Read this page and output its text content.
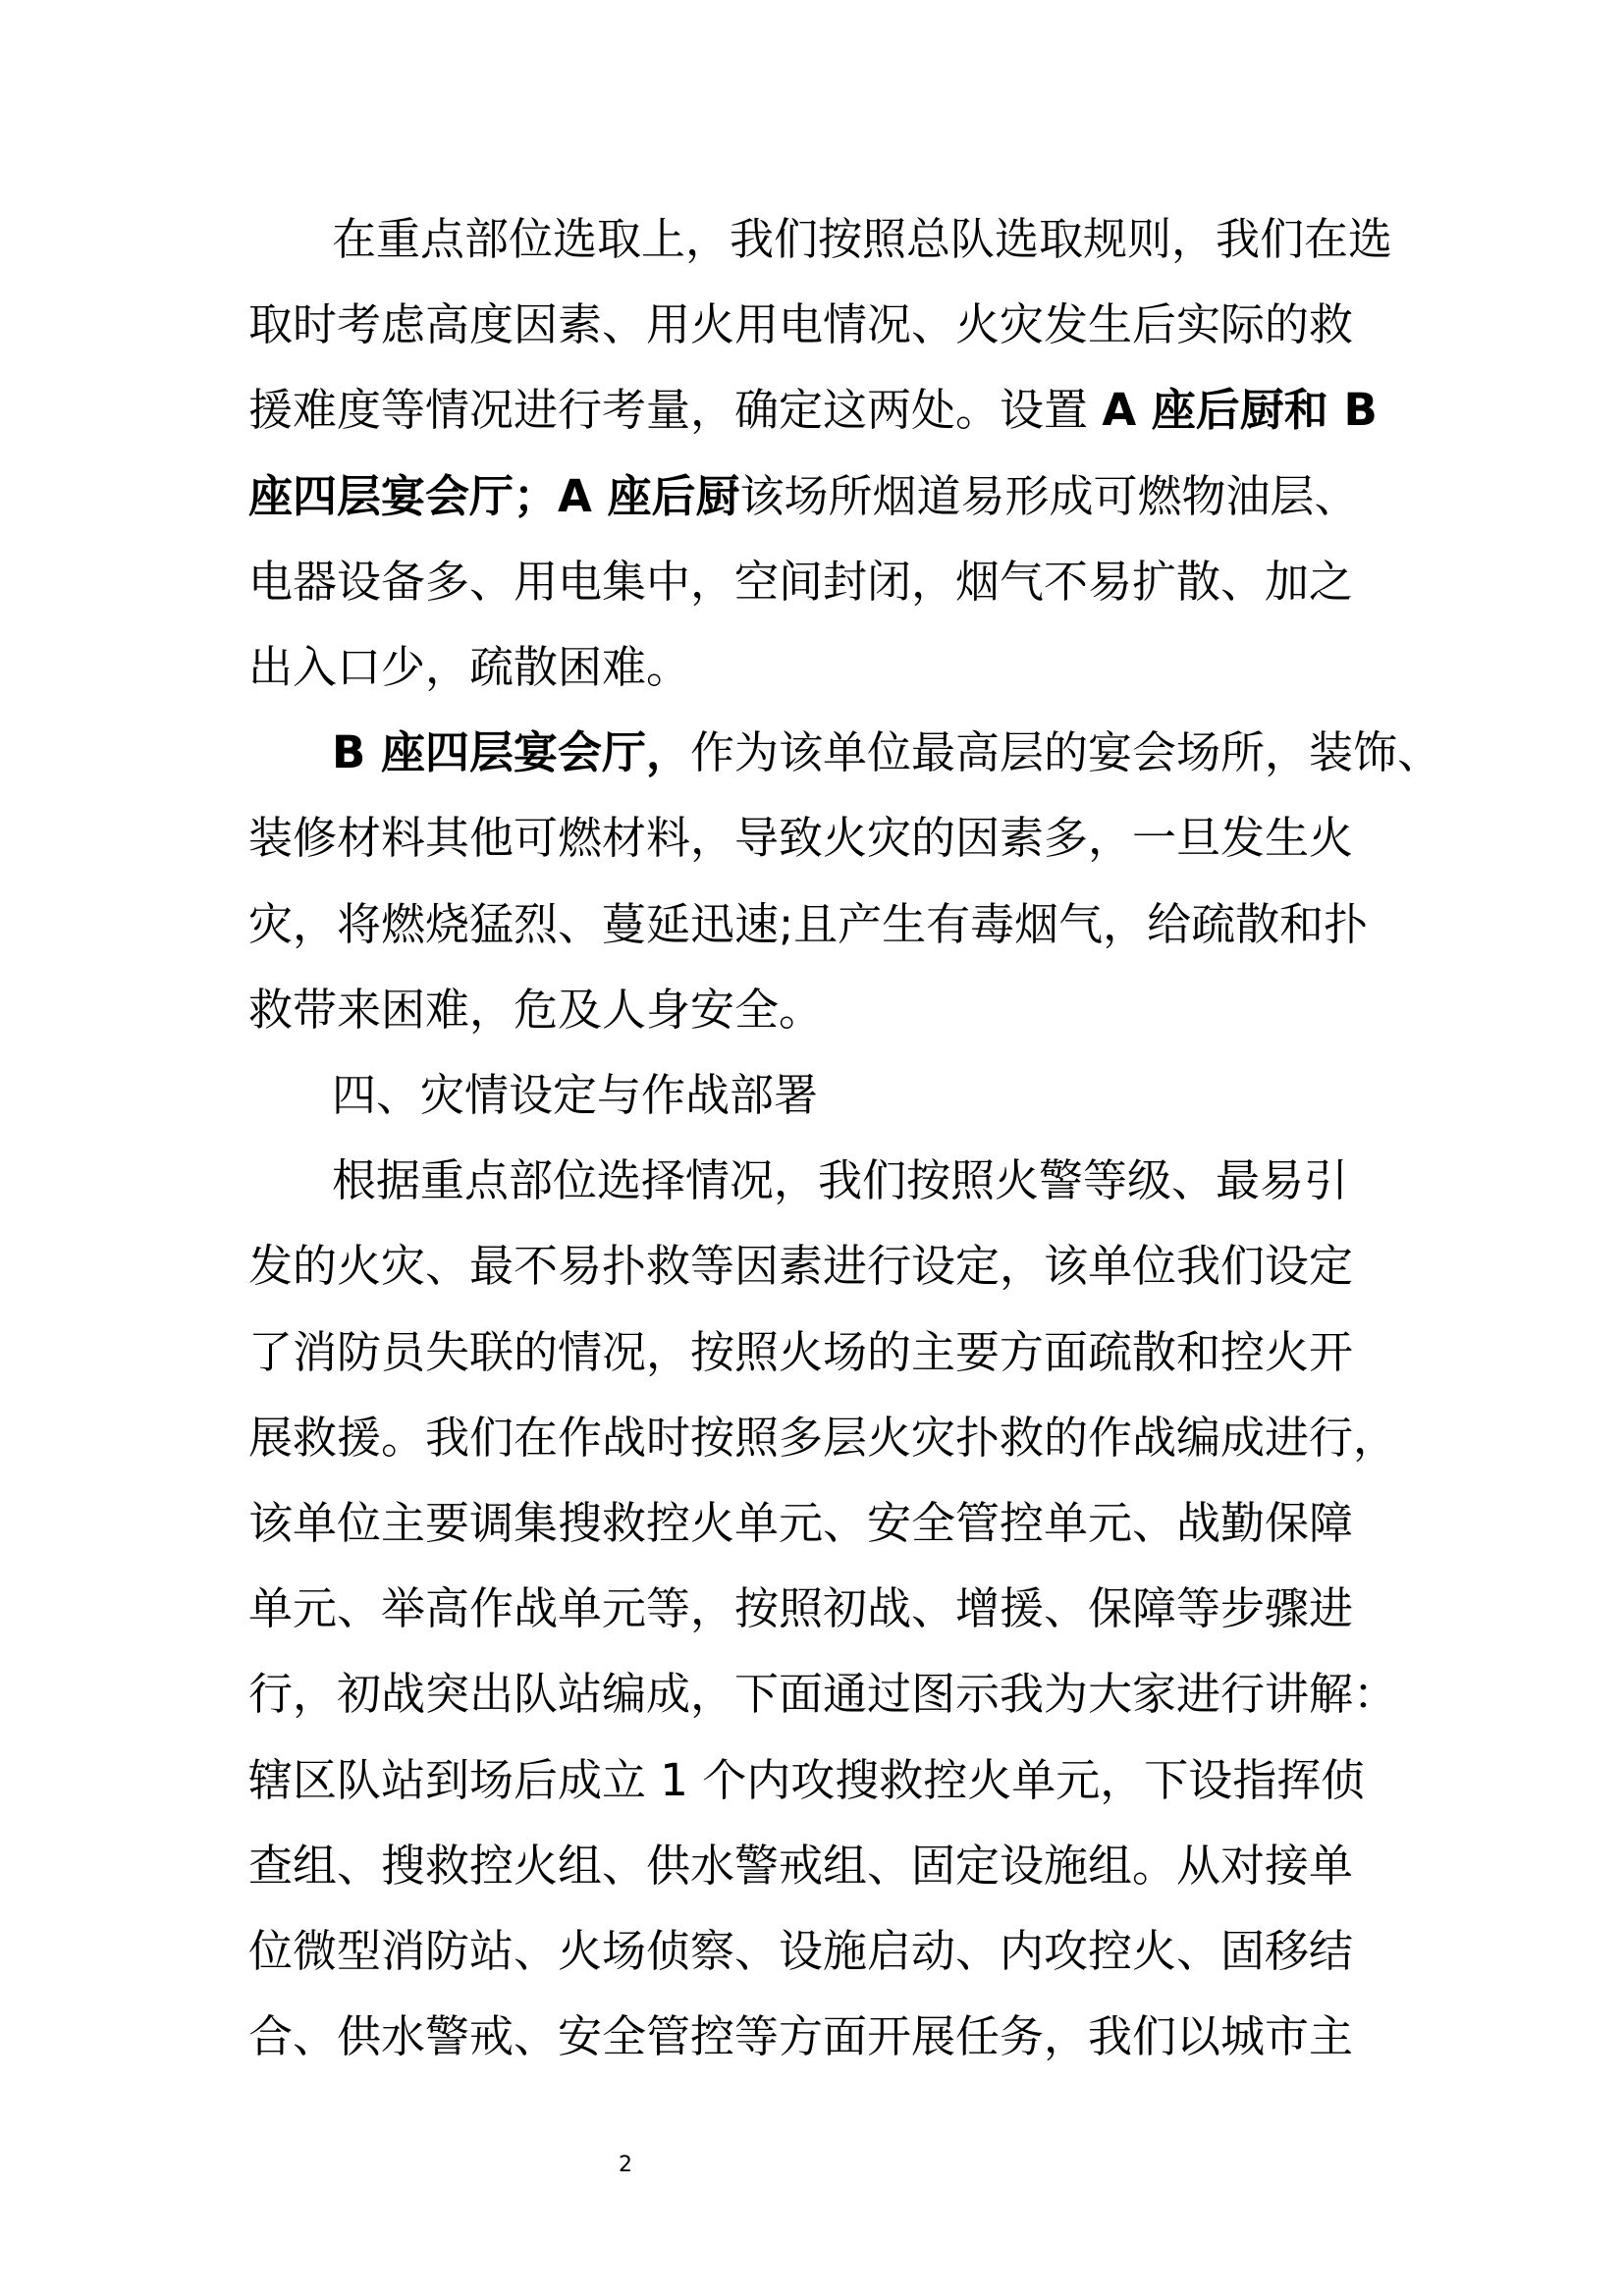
在重点部位选取上，我们按照总队选取规则，我们在选
取时考虑高度因素、用火用电情况、火灾发生后实际的救
援难度等情况进行考量，确定这两处。设置 A 座后厨和 B
座四层宴会厅；A 座后厨该场所烟道易形成可燃物油层、
电器设备多、用电集中，空间封闭，烟气不易扩散、加之
出入口少，疏散困难。
B 座四层宴会厅，作为该单位最高层的宴会场所，装饰、
装修材料其他可燃材料，导致火灾的因素多，一旦发生火
灾，将燃烧猛烈、蔓延迅速;且产生有毒烟气，给疏散和扑
救带来困难，危及人身安全。
四、灾情设定与作战部署
根据重点部位选择情况，我们按照火警等级、最易引
发的火灾、最不易扑救等因素进行设定，该单位我们设定
了消防员失联的情况，按照火场的主要方面疏散和控火开
展救援。我们在作战时按照多层火灾扑救的作战编成进行，
该单位主要调集搜救控火单元、安全管控单元、战勤保障
单元、举高作战单元等，按照初战、增援、保障等步骤进
行，初战突出队站编成，下面通过图示我为大家进行讲解：
辖区队站到场后成立 1 个内攻搜救控火单元，下设指挥侦
查组、搜救控火组、供水警戒组、固定设施组。从对接单
位微型消防站、火场侦察、设施启动、内攻控火、固移结
合、供水警戒、安全管控等方面开展任务，我们以城市主
2
